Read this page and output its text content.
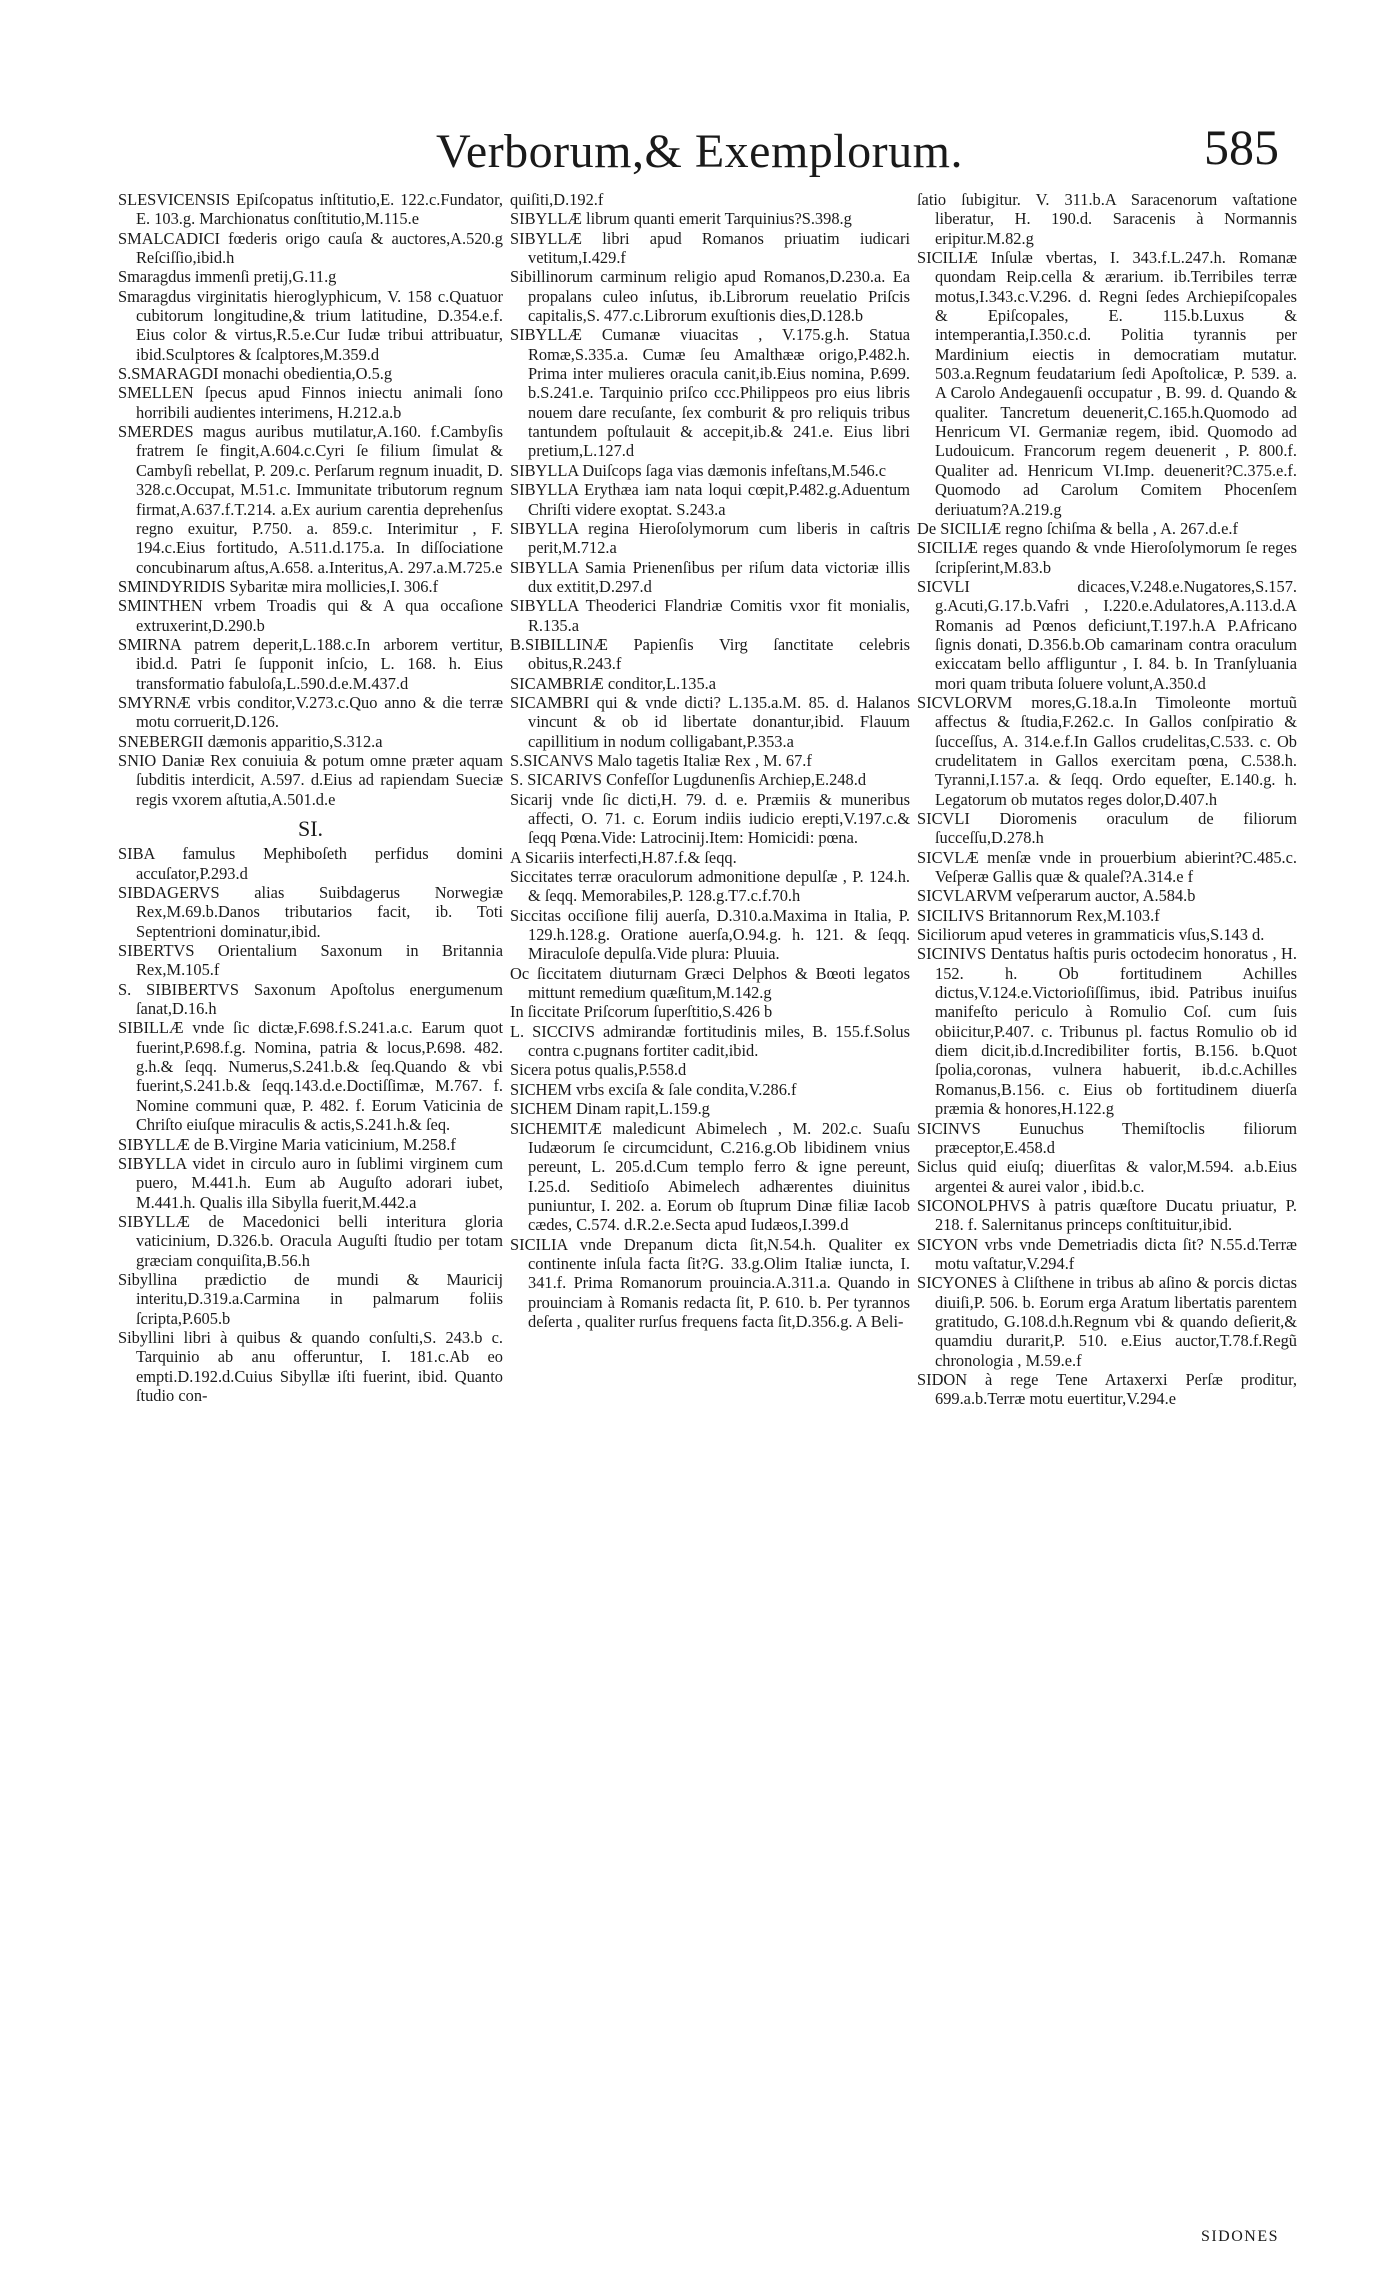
Verborum,& Exemplorum.	585
SLESVICENSIS Epiſcopatus inſtitutio,E. 122.c.Fundator, E. 103.g. Marchionatus conſtitutio,M.115.e
SMALCADICI fœderis origo cauſa & auctores,A.520.g Reſciſſio,ibid.h
Smaragdus immenſi pretij,G.11.g
Smaragdus virginitatis hieroglyphicum, V. 158 c.Quatuor cubitorum longitudine,& trium latitudine, D.354.e.f. Eius color & virtus,R.5.e.Cur Iudæ tribui attribuatur, ibid.Sculptores & ſcalptores,M.359.d
S.SMARAGDI monachi obedientia,O.5.g
SMELLEN ſpecus apud Finnos iniectu animali ſono horribili audientes interimens, H.212.a.b
SMERDES magus auribus mutilatur,A.160. f.Cambyſis fratrem ſe fingit,A.604.c.Cyri ſe filium ſimulat & Cambyſi rebellat, P. 209.c. Perſarum regnum inuadit, D. 328.c.Occupat, M.51.c. Immunitate tributorum regnum firmat,A.637.f.T.214. a.Ex aurium carentia deprehenſus regno exuitur, P.750. a. 859.c. Interimitur , F. 194.c.Eius fortitudo, A.511.d.175.a. In diſſociatione concubinarum aſtus,A.658. a.Interitus,A. 297.a.M.725.e
SMINDYRIDIS Sybaritæ mira mollicies,I. 306.f
SMINTHEN vrbem Troadis qui & A qua occaſione extruxerint,D.290.b
SMIRNA patrem deperit,L.188.c.In arborem vertitur, ibid.d. Patri ſe ſupponit inſcio, L. 168. h. Eius transformatio fabuloſa,L.590.d.e.M.437.d
SMYRNÆ vrbis conditor,V.273.c.Quo anno & die terræ motu corruerit,D.126.
SNEBERGII dæmonis apparitio,S.312.a
SNIO Daniæ Rex conuiuia & potum omne præter aquam ſubditis interdicit, A.597. d.Eius ad rapiendam Sueciæ regis vxorem aſtutia,A.501.d.e
SI.
SIBA famulus Mephiboſeth perfidus domini accuſator,P.293.d
SIBDAGERVS alias Suibdagerus Norwegiæ Rex,M.69.b.Danos tributarios facit, ib. Toti Septentrioni dominatur,ibid.
SIBERTVS Orientalium Saxonum in Britannia Rex,M.105.f
S. SIBIBERTVS Saxonum Apoſtolus energumenum ſanat,D.16.h
SIBILLÆ vnde ſic dictæ,F.698.f.S.241.a.c. Earum quot fuerint,P.698.f.g. Nomina, patria & locus,P.698. 482. g.h.& ſeqq. Numerus,S.241.b.& ſeq.Quando & vbi fuerint,S.241.b.& ſeqq.143.d.e.Doctiſſimæ, M.767. f. Nomine communi quæ, P. 482. f. Eorum Vaticinia de Chriſto eiuſque miraculis & actis,S.241.h.& ſeq.
SIBYLLÆ de B.Virgine Maria vaticinium, M.258.f
SIBYLLA videt in circulo auro in ſublimi virginem cum puero, M.441.h. Eum ab Auguſto adorari iubet, M.441.h. Qualis illa Sibylla fuerit,M.442.a
SIBYLLÆ de Macedonici belli interitura gloria vaticinium, D.326.b. Oracula Auguſti ſtudio per totam græciam conquiſita,B.56.h
Sibyllina prædictio de mundi & Mauricij interitu,D.319.a.Carmina in palmarum foliis ſcripta,P.605.b
Sibyllini libri à quibus & quando conſulti,S. 243.b c. Tarquinio ab anu offeruntur, I. 181.c.Ab eo empti.D.192.d.Cuius Sibyllæ iſti fuerint, ibid. Quanto ſtudio con-
quiſiti,D.192.f
SIBYLLÆ librum quanti emerit Tarquinius?S.398.g
SIBYLLÆ libri apud Romanos priuatim iudicari vetitum,I.429.f
Sibillinorum carminum religio apud Romanos,D.230.a. Ea propalans culeo inſutus, ib.Librorum reuelatio Priſcis capitalis,S. 477.c.Librorum exuſtionis dies,D.128.b
SIBYLLÆ Cumanæ viuacitas , V.175.g.h. Statua Romæ,S.335.a. Cumæ ſeu Amalthææ origo,P.482.h. Prima inter mulieres oracula canit,ib.Eius nomina, P.699. b.S.241.e. Tarquinio priſco ccc.Philippeos pro eius libris nouem dare recuſante, ſex comburit & pro reliquis tribus tantundem poſtulauit & accepit,ib.& 241.e. Eius libri pretium,L.127.d
SIBYLLA Duiſcops ſaga vias dæmonis infeſtans,M.546.c
SIBYLLA Erythæa iam nata loqui cœpit,P.482.g.Aduentum Chriſti videre exoptat. S.243.a
SIBYLLA regina Hieroſolymorum cum liberis in caſtris perit,M.712.a
SIBYLLA Samia Prienenſibus per riſum data victoriæ illis dux extitit,D.297.d
SIBYLLA Theoderici Flandriæ Comitis vxor fit monialis, R.135.a
B.SIBILLINÆ Papienſis Virg ſanctitate celebris obitus,R.243.f
SICAMBRIÆ conditor,L.135.a
SICAMBRI qui & vnde dicti? L.135.a.M. 85. d. Halanos vincunt & ob id libertate donantur,ibid. Flauum capillitium in nodum colligabant,P.353.a
S.SICANVS Malo tagetis Italiæ Rex , M. 67.f
S. SICARIVS Confeſſor Lugdunenſis Archiep,E.248.d
Sicarij vnde ſic dicti,H. 79. d. e. Præmiis & muneribus affecti, O. 71. c. Eorum indiis iudicio erepti,V.197.c.& ſeqq Pœna.Vide: Latrocinij.Item: Homicidi: pœna.
A Sicariis interfecti,H.87.f.& ſeqq.
Siccitates terræ oraculorum admonitione depulſæ , P. 124.h. & ſeqq. Memorabiles,P. 128.g.T7.c.f.70.h
Siccitas occiſione filij auerſa, D.310.a.Maxima in Italia, P. 129.h.128.g. Oratione auerſa,O.94.g. h. 121. & ſeqq. Miraculoſe depulſa.Vide plura: Pluuia.
Oc ſiccitatem diuturnam Græci Delphos & Bœoti legatos mittunt remedium quæſitum,M.142.g
In ſiccitate Priſcorum ſuperſtitio,S.426 b
L. SICCIVS admirandæ fortitudinis miles, B. 155.f.Solus contra c.pugnans fortiter cadit,ibid.
Sicera potus qualis,P.558.d
SICHEM vrbs exciſa & ſale condita,V.286.f
SICHEM Dinam rapit,L.159.g
SICHEMITÆ maledicunt Abimelech , M. 202.c. Suaſu Iudæorum ſe circumcidunt, C.216.g.Ob libidinem vnius pereunt, L. 205.d.Cum templo ferro & igne pereunt, I.25.d. Seditioſo Abimelech adhærentes diuinitus puniuntur, I. 202. a. Eorum ob ſtuprum Dinæ filiæ Iacob cædes, C.574. d.R.2.e.Secta apud Iudæos,I.399.d
SICILIA vnde Drepanum dicta ſit,N.54.h. Qualiter ex continente inſula facta ſit?G. 33.g.Olim Italiæ iuncta, I. 341.f. Prima Romanorum prouincia.A.311.a. Quando in prouinciam à Romanis redacta ſit, P. 610. b. Per tyrannos deſerta , qualiter rurſus frequens facta ſit,D.356.g. A Beli-
ſatio ſubigitur. V. 311.b.A Saracenorum vaſtatione liberatur, H. 190.d. Saracenis à Normannis eripitur.M.82.g
SICILIÆ Inſulæ vbertas, I. 343.f.L.247.h. Romanæ quondam Reip.cella & ærarium. ib.Terribiles terræ motus,I.343.c.V.296. d. Regni ſedes Archiepiſcopales & Epiſcopales, E. 115.b.Luxus & intemperantia,I.350.c.d. Politia tyrannis per Mardinium eiectis in democratiam mutatur. 503.a.Regnum feudatarium ſedi Apoſtolicæ, P. 539. a. A Carolo Andegauenſi occupatur , B. 99. d. Quando & qualiter. Tancretum deuenerit,C.165.h.Quomodo ad Henricum VI. Germaniæ regem, ibid. Quomodo ad Ludouicum. Francorum regem deuenerit , P. 800.f. Qualiter ad. Henricum VI.Imp. deuenerit?C.375.e.f. Quomodo ad Carolum Comitem Phocenſem deriuatum?A.219.g
De SICILIÆ regno ſchiſma & bella , A. 267.d.e.f
SICILIÆ reges quando & vnde Hieroſolymorum ſe reges ſcripſerint,M.83.b
SICVLI dicaces,V.248.e.Nugatores,S.157. g.Acuti,G.17.b.Vafri , I.220.e.Adulatores,A.113.d.A Romanis ad Pœnos deficiunt,T.197.h.A P.Africano ſignis donati, D.356.b.Ob camarinam contra oraculum exiccatam bello affliguntur , I. 84. b. In Tranſyluania mori quam tributa ſoluere volunt,A.350.d
SICVLORVM mores,G.18.a.In Timoleonte mortuũ affectus & ſtudia,F.262.c. In Gallos conſpiratio & ſucceſſus, A. 314.e.f.In Gallos crudelitas,C.533. c. Ob crudelitatem in Gallos exercitam pœna, C.538.h. Tyranni,I.157.a. & ſeqq. Ordo equeſter, E.140.g. h. Legatorum ob mutatos reges dolor,D.407.h
SICVLI Dioromenis oraculum de filiorum ſucceſſu,D.278.h
SICVLÆ menſæ vnde in prouerbium abierint?C.485.c. Veſperæ Gallis quæ & qualeſ?A.314.e f
SICVLARVM veſperarum auctor, A.584.b
SICILIVS Britannorum Rex,M.103.f
Siciliorum apud veteres in grammaticis vſus,S.143 d.
SICINIVS Dentatus haſtis puris octodecim honoratus , H. 152. h. Ob fortitudinem Achilles dictus,V.124.e.Victorioſiſſimus, ibid. Patribus inuiſus manifeſto periculo à Romulio Coſ. cum ſuis obiicitur,P.407. c. Tribunus pl. factus Romulio ob id diem dicit,ib.d.Incredibiliter fortis, B.156. b.Quot ſpolia,coronas, vulnera habuerit, ib.d.c.Achilles Romanus,B.156. c. Eius ob fortitudinem diuerſa præmia & honores,H.122.g
SICINVS Eunuchus Themiſtoclis filiorum præceptor,E.458.d
Siclus quid eiuſq; diuerſitas & valor,M.594. a.b.Eius argentei & aurei valor , ibid.b.c.
SICONOLPHVS à patris quæſtore Ducatu priuatur, P. 218. f. Salernitanus princeps conſtituitur,ibid.
SICYON vrbs vnde Demetriadis dicta ſit? N.55.d.Terræ motu vaſtatur,V.294.f
SICYONES à Cliſthene in tribus ab aſino & porcis dictas diuiſi,P. 506. b. Eorum erga Aratum libertatis parentem gratitudo, G.108.d.h.Regnum vbi & quando deſierit,& quamdiu durarit,P. 510. e.Eius auctor,T.78.f.Regũ chronologia , M.59.e.f
SIDON à rege Tene Artaxerxi Perſæ proditur, 699.a.b.Terræ motu euertitur,V.294.e
SIDONES
